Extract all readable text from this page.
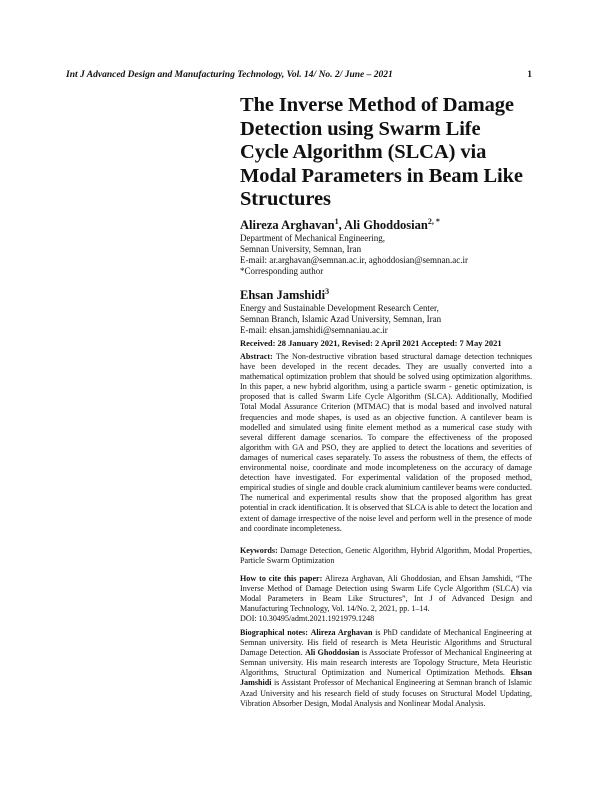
Int J Advanced Design and Manufacturing Technology, Vol. 14/ No. 2/ June – 2021	1
The Inverse Method of Damage Detection using Swarm Life Cycle Algorithm (SLCA) via Modal Parameters in Beam Like Structures

Alireza Arghavan$^1$, Ali Ghoddosian$^{2, *}$

Department of Mechanical Engineering,

Semnan University, Semnan, Iran

E-mail: ar.arghavan@semnan.ac.ir, aghoddosian@semnan.ac.ir

*Corresponding author

Ehsan Jamshidi$^3$

Energy and Sustainable Development Research Center,

Semnan Branch, Islamic Azad University, Semnan, Iran

E-mail: ehsan.jamshidi@semnaniau.ac.ir

Received: 28 January 2021, Revised: 2 April 2021 Accepted: 7 May 2021

Abstract: The Non-destructive vibration based structural damage detection techniques have been developed in the recent decades. They are usually converted into a mathematical optimization problem that should be solved using optimization algorithms. In this paper, a new hybrid algorithm, using a particle swarm - genetic optimization, is proposed that is called Swarm Life Cycle Algorithm (SLCA). Additionally, Modified Total Modal Assurance Criterion (MTMAC) that is modal based and involved natural frequencies and mode shapes, is used as an objective function. A cantilever beam is modelled and simulated using finite element method as a numerical case study with several different damage scenarios. To compare the effectiveness of the proposed algorithm with GA and PSO, they are applied to detect the locations and severities of damages of numerical cases separately. To assess the robustness of them, the effects of environmental noise, coordinate and mode incompleteness on the accuracy of damage detection have investigated. For experimental validation of the proposed method, empirical studies of single and double crack aluminium cantilever beams were conducted. The numerical and experimental results show that the proposed algorithm has great potential in crack identification. It is observed that SLCA is able to detect the location and extent of damage irrespective of the noise level and perform well in the presence of mode and coordinate incompleteness.

Keywords: Damage Detection, Genetic Algorithm, Hybrid Algorithm, Modal Properties, Particle Swarm Optimization

How to cite this paper: Alireza Arghavan, Ali Ghoddosian, and Ehsan Jamshidi, “The Inverse Method of Damage Detection using Swarm Life Cycle Algorithm (SLCA) via Modal Parameters in Beam Like Structures”, Int J of Advanced Design and Manufacturing Technology, Vol. 14/No. 2, 2021, pp. 1–14.
DOI: 10.30495/admt.2021.1921979.1248

Biographical notes: Alireza Arghavan is PhD candidate of Mechanical Engineering at Semnan university. His field of research is Meta Heuristic Algorithms and Structural Damage Detection. Ali Ghoddosian is Associate Professor of Mechanical Engineering at Semnan university. His main research interests are Topology Structure, Meta Heuristic Algorithms, Structural Optimization and Numerical Optimization Methods. Ehsan Jamshidi is Assistant Professor of Mechanical Engineering at Semnan branch of Islamic Azad University and his research field of study focuses on Structural Model Updating, Vibration Absorber Design, Modal Analysis and Nonlinear Modal Analysis.
